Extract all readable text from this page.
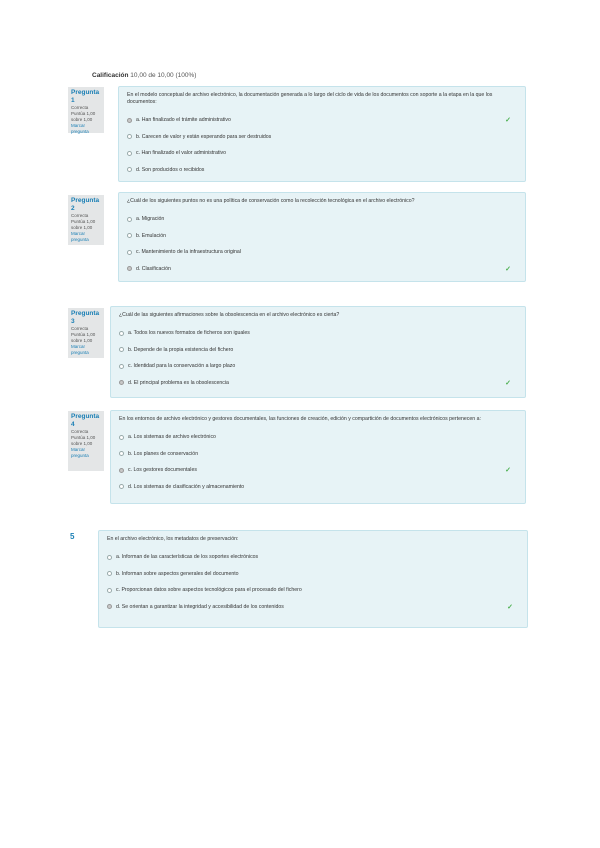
Calificación 10,00 de 10,00 (100%)
Pregunta 1
Correcta
Puntúa 1,00 sobre 1,00
Marcar pregunta
En el modelo conceptual de archivo electrónico, la documentación generada a lo largo del ciclo de vida de los documentos con soporte a la etapa en la que los documentos:
a. Han finalizado el trámite administrativo	✓
b. Carecen de valor y están esperando para ser destruidos
c. Han finalizado el valor administrativo
d. Son producidos o recibidos
Pregunta 2
Correcta
Puntúa 1,00 sobre 1,00
Marcar pregunta
¿Cuál de los siguientes puntos no es una política de conservación como la recolección tecnológica en el archivo electrónico?
a. Migración
b. Emulación
c. Mantenimiento de la infraestructura original
d. Clasificación	✓
Pregunta 3
Correcta
Puntúa 1,00 sobre 1,00
Marcar pregunta
¿Cuál de las siguientes afirmaciones sobre la obsolescencia en el archivo electrónico es cierta?
a. Todos los nuevos formatos de ficheros son iguales
b. Depende de la propia existencia del fichero
c. Identidad para la conservación a largo plazo
d. El principal problema es la obsolescencia	✓
Pregunta 4
Correcta
Puntúa 1,00 sobre 1,00
Marcar pregunta
En los entornos de archivo electrónico y gestores documentales, las funciones de creación, edición y compartición de documentos electrónicos pertenecen a:
a. Los sistemas de archivo electrónico
b. Los planes de conservación
c. Los gestores documentales	✓
d. Los sistemas de clasificación y almacenamiento
5	En el archivo electrónico, los metadatos de preservación:
a. Informan de las características de los soportes electrónicos
b. Informan sobre aspectos generales del documento
c. Proporcionan datos sobre aspectos tecnológicos para el procesado del fichero
d. Se orientan a garantizar la integridad y accesibilidad de los contenidos	✓
